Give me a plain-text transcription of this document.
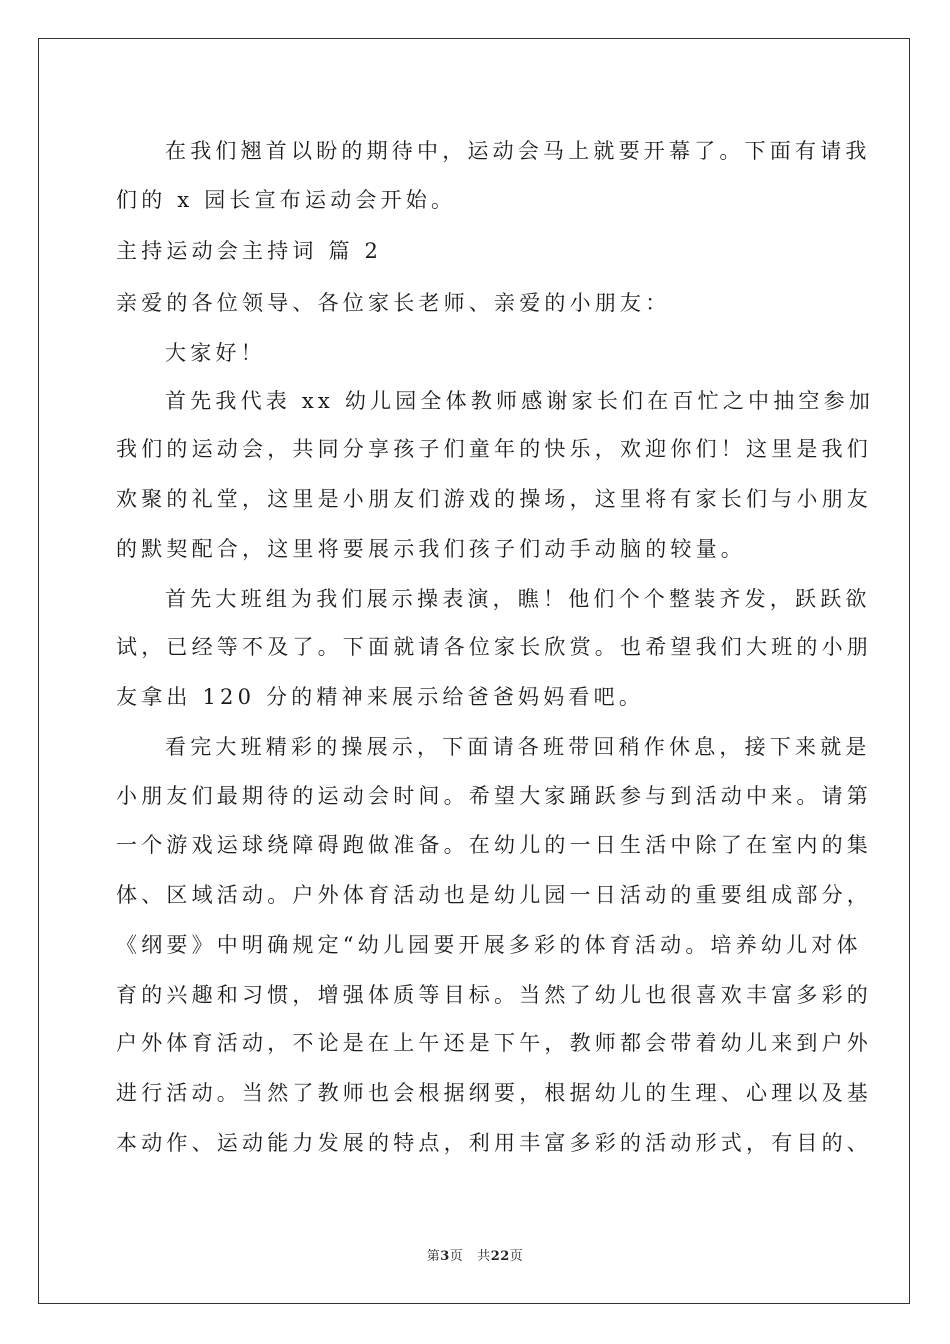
在我们翘首以盼的期待中，运动会马上就要开幕了。下面有请我
们的 x 园长宣布运动会开始。
主持运动会主持词 篇 2
亲爱的各位领导、各位家长老师、亲爱的小朋友：
大家好！
首先我代表 xx 幼儿园全体教师感谢家长们在百忙之中抽空参加
我们的运动会，共同分享孩子们童年的快乐，欢迎你们！这里是我们
欢聚的礼堂，这里是小朋友们游戏的操场，这里将有家长们与小朋友
的默契配合，这里将要展示我们孩子们动手动脑的较量。
首先大班组为我们展示操表演，瞧！他们个个整装齐发，跃跃欲
试，已经等不及了。下面就请各位家长欣赏。也希望我们大班的小朋
友拿出 120 分的精神来展示给爸爸妈妈看吧。
看完大班精彩的操展示，下面请各班带回稍作休息，接下来就是
小朋友们最期待的运动会时间。希望大家踊跃参与到活动中来。请第
一个游戏运球绕障碍跑做准备。在幼儿的一日生活中除了在室内的集
体、区域活动。户外体育活动也是幼儿园一日活动的重要组成部分，
《纲要》中明确规定“幼儿园要开展多彩的体育活动。培养幼儿对体
育的兴趣和习惯，增强体质等目标。当然了幼儿也很喜欢丰富多彩的
户外体育活动，不论是在上午还是下午，教师都会带着幼儿来到户外
进行活动。当然了教师也会根据纲要，根据幼儿的生理、心理以及基
本动作、运动能力发展的特点，利用丰富多彩的活动形式，有目的、
第3页 共22页
